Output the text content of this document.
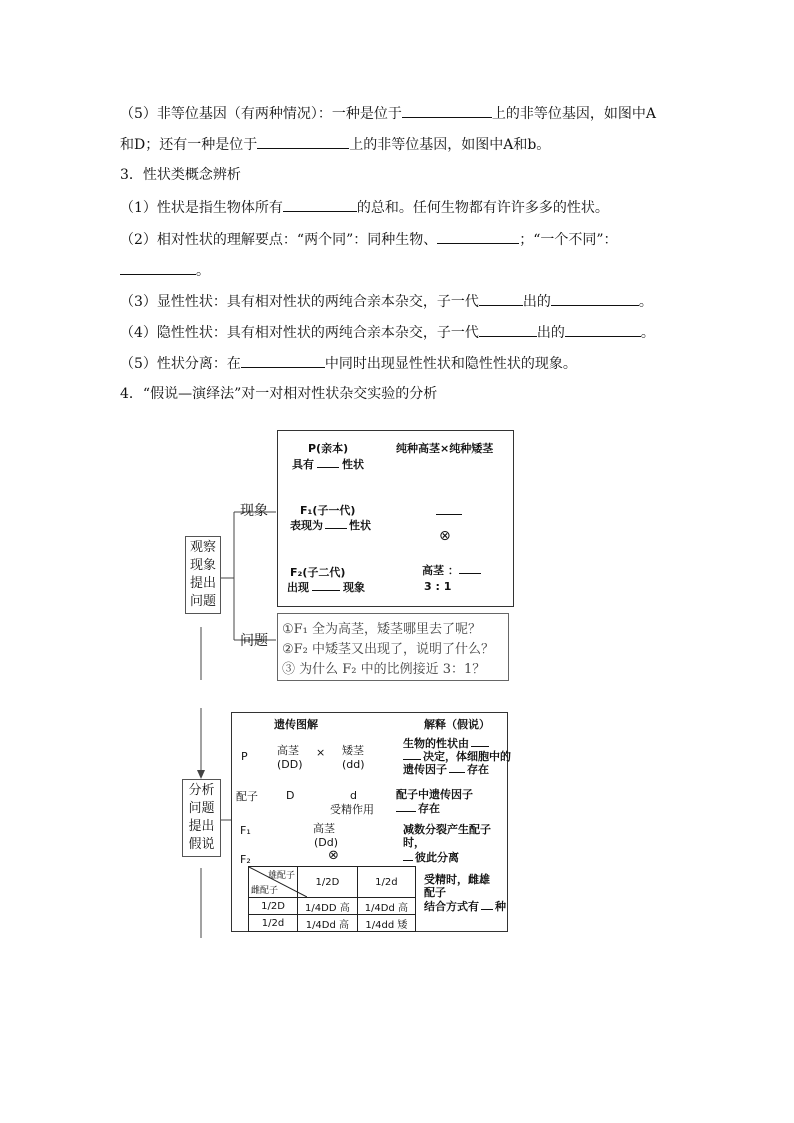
（5）非等位基因（有两种情况）：一种是位于	上的非等位基因，如图中A
和D；还有一种是位于	上的非等位基因，如图中A和b。
3．性状类概念辨析
（1）性状是指生物体所有	的总和。任何生物都有许许多多的性状。
（2）相对性状的理解要点：“两个同”：同种生物、	；“一个不同”：
。
（3）显性性状：具有相对性状的两纯合亲本杂交，子一代	出的	。
（4）隐性性状：具有相对性状的两纯合亲本杂交，子一代	出的	。
（5）性状分离：在	中同时出现显性性状和隐性性状的现象。
4．“假说—演绎法”对一对相对性状杂交实验的分析
观察
现象
提出
问题
现象
问题
P(亲本)
具有	性状
纯种高茎×纯种矮茎
F₁(子一代)
表现为 性状
⊗
F₂(子二代)
出现	现象
高茎 ：
3 : 1
①F₁ 全为高茎，矮茎哪里去了呢？
②F₂ 中矮茎又出现了，说明了什么？
③ 为什么 F₂ 中的比例接近 3：1？
分析
问题
提出
假说
遗传图解	解释（假说）
P	高茎
(DD)
× 矮茎
(dd)
配子	D	d
受精作用
F₁	高茎
(Dd)
⊗
F₂
生物的性状由
决定，体细胞中的
遗传因子 存在
配子中遗传因子
存在
减数分裂产生配子
时，
彼此分离
受精时，雌雄
配子
结合方式有 种
雄配子
雌配子	1/2D	1/2d
1/2D	1/4DD 高	1/4Dd 高
1/2d	1/4Dd 高	1/4dd 矮
